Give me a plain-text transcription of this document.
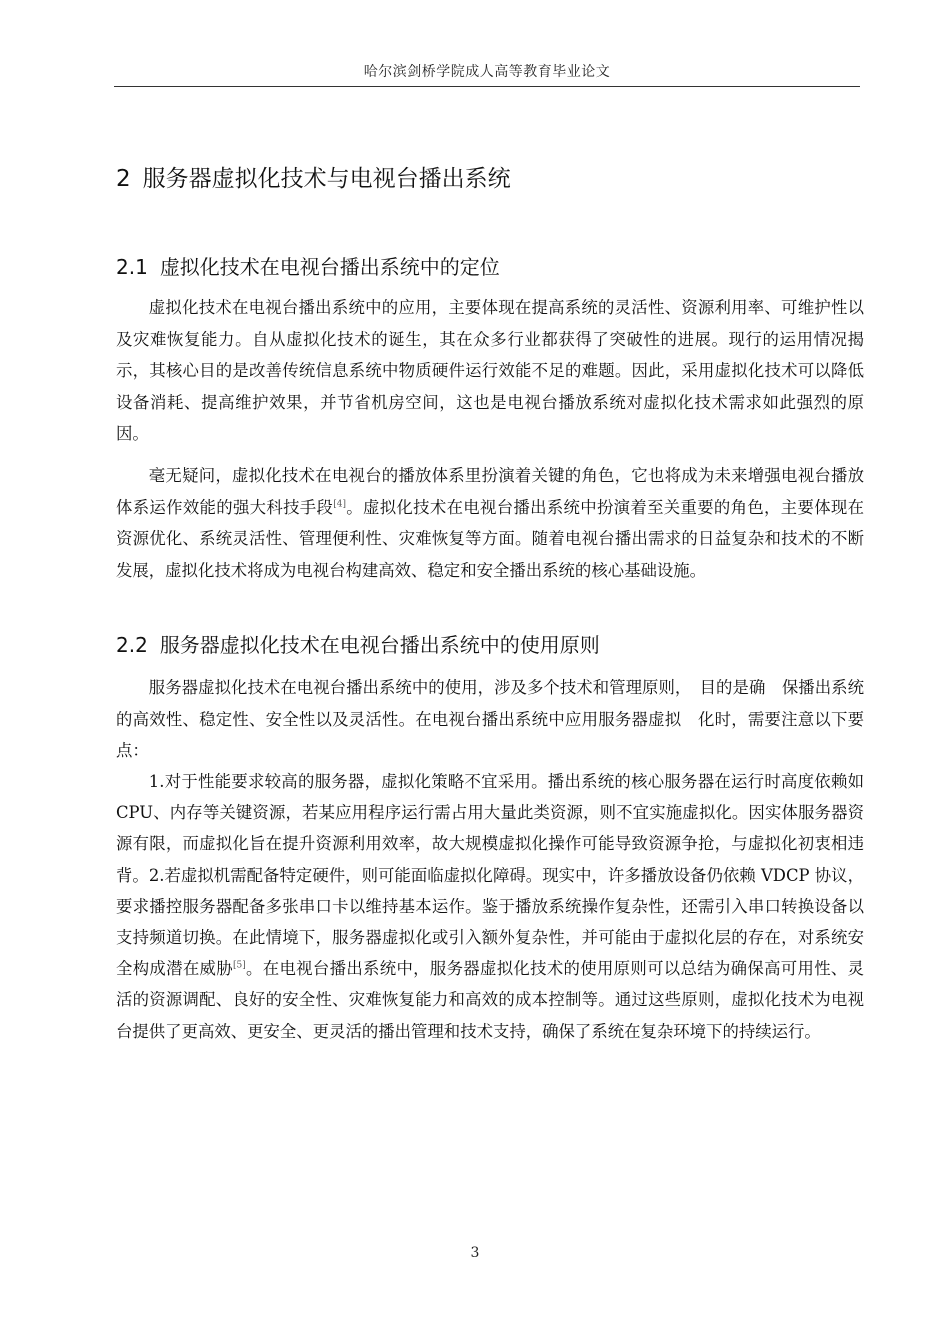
哈尔滨剑桥学院成人高等教育毕业论文
2 服务器虚拟化技术与电视台播出系统
2.1 虚拟化技术在电视台播出系统中的定位

虚拟化技术在电视台播出系统中的应用，主要体现在提高系统的灵活性、资源利用率、可维护性以及灾难恢复能力。自从虚拟化技术的诞生，其在众多行业都获得了突破性的进展。现行的运用情况揭示，其核心目的是改善传统信息系统中物质硬件运行效能不足的难题。因此，采用虚拟化技术可以降低设备消耗、提高维护效果，并节省机房空间，这也是电视台播放系统对虚拟化技术需求如此强烈的原因。

毫无疑问，虚拟化技术在电视台的播放体系里扮演着关键的角色，它也将成为未来增强电视台播放体系运作效能的强大科技手段[4]。虚拟化技术在电视台播出系统中扮演着至关重要的角色，主要体现在资源优化、系统灵活性、管理便利性、灾难恢复等方面。随着电视台播出需求的日益复杂和技术的不断发展，虚拟化技术将成为电视台构建高效、稳定和安全播出系统的核心基础设施。

2.2 服务器虚拟化技术在电视台播出系统中的使用原则

服务器虚拟化技术在电视台播出系统中的使用，涉及多个技术和管理原则，　目的是确　保播出系统的高效性、稳定性、安全性以及灵活性。在电视台播出系统中应用服务器虚拟　化时，需要注意以下要点：

1.对于性能要求较高的服务器，虚拟化策略不宜采用。播出系统的核心服务器在运行时高度依赖如 CPU、内存等关键资源，若某应用程序运行需占用大量此类资源，则不宜实施虚拟化。因实体服务器资源有限，而虚拟化旨在提升资源利用效率，故大规模虚拟化操作可能导致资源争抢，与虚拟化初衷相违背。2.若虚拟机需配备特定硬件，则可能面临虚拟化障碍。现实中，许多播放设备仍依赖 VDCP 协议，要求播控服务器配备多张串口卡以维持基本运作。鉴于播放系统操作复杂性，还需引入串口转换设备以支持频道切换。在此情境下，服务器虚拟化或引入额外复杂性，并可能由于虚拟化层的存在，对系统安全构成潜在威胁[5]。在电视台播出系统中，服务器虚拟化技术的使用原则可以总结为确保高可用性、灵活的资源调配、良好的安全性、灾难恢复能力和高效的成本控制等。通过这些原则，虚拟化技术为电视台提供了更高效、更安全、更灵活的播出管理和技术支持，确保了系统在复杂环境下的持续运行。

3
